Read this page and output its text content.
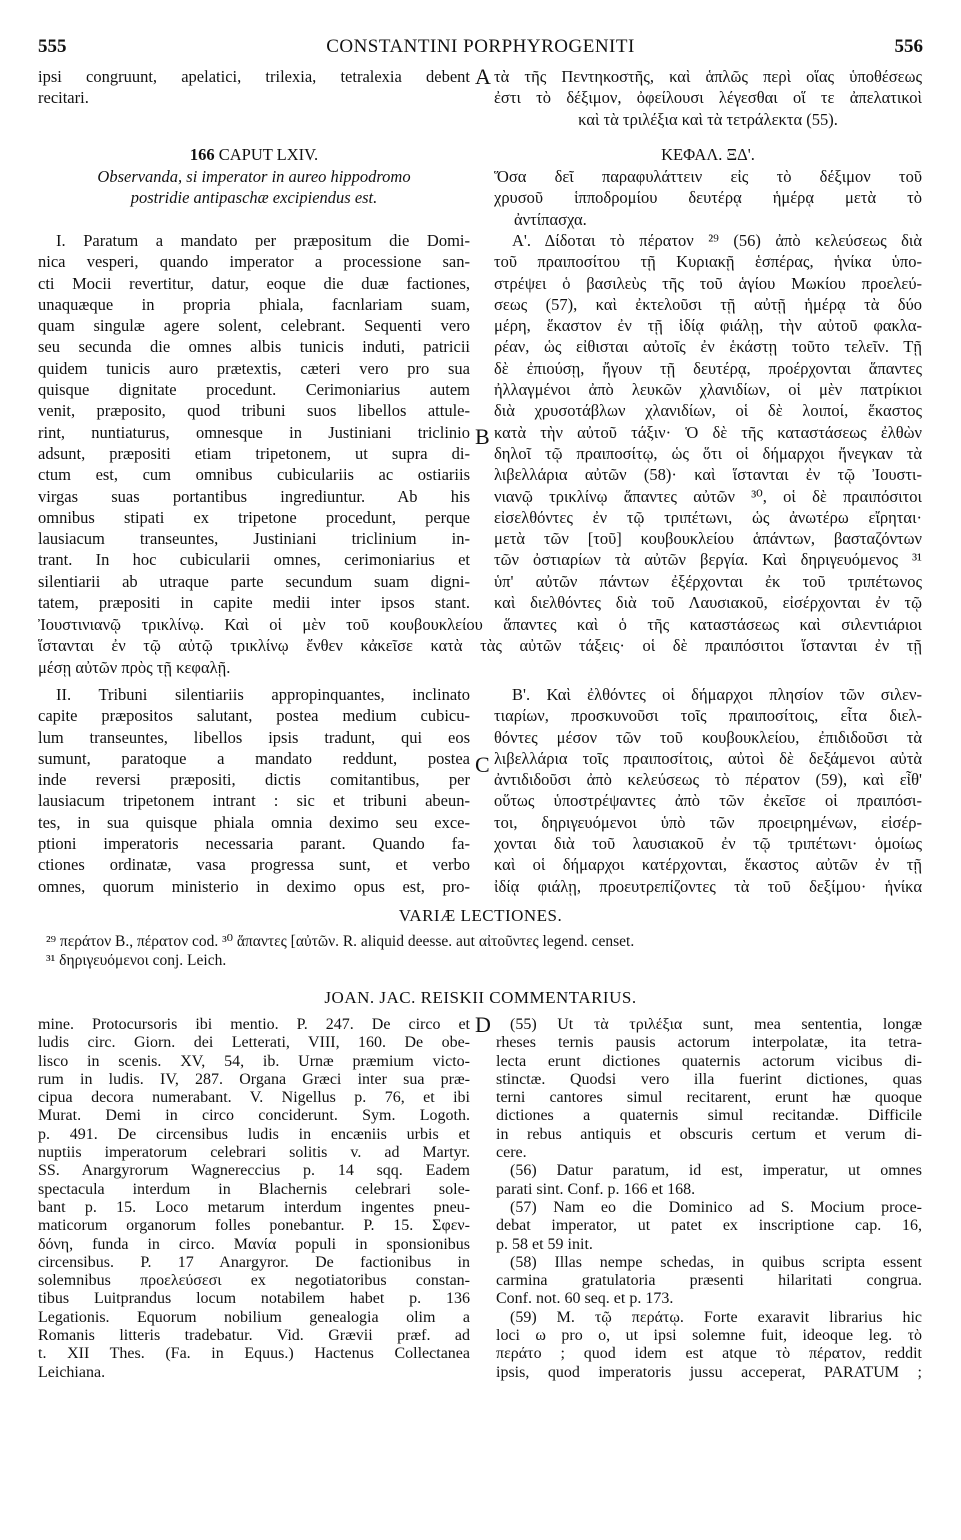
555	CONSTANTINI PORPHYROGENITI	556
ipsi congruunt, apelatici, trilexia, tetralexia debent
recitari.
A τὰ τῆς Πεντηκοστῆς, καὶ ἁπλῶς περὶ οἵας ὑποθέσεως
ἐστι τὸ δέξιμον, ὀφείλουσι λέγεσθαι οἵ τε ἀπελατικοὶ
καὶ τὰ τριλέξια καὶ τὰ τετράλεκτα (55).
166 CAPUT LXIV.
Observanda, si imperator in aureo hippodromo
postridie antipaschæ excipiendus est.
ΚΕΦΑΛ. ΞΔ'.
Ὅσα δεῖ παραφυλάττειν εἰς τὸ δέξιμον τοῦ
χρυσοῦ ἱπποδρομίου δευτέρᾳ ἡμέρᾳ μετὰ τὸ
ἀντίπασχα.
I. Paratum a mandato per præpositum die Domi-
nica vesperi, quando imperator a processione san-
cti Mocii revertitur, datur, eoque die duæ factiones,
unaquæque in propria phiala, facnlariam suam,
quam singulæ agere solent, celebrant. Sequenti vero
seu secunda die omnes albis tunicis induti, patricii
quidem tunicis auro prætextis, cæteri vero pro sua
quisque dignitate procedunt. Cerimoniarius autem
venit, præposito, quod tribuni suos libellos attule-
rint, nuntiaturus, omnesque in Justiniani triclinio
adsunt, præpositi etiam tripetonem, ut supra di-
ctum est, cum omnibus cubiculariis ac ostiariis
virgas suas portantibus ingrediuntur. Ab his
omnibus stipati ex tripetone procedunt, perque
lausiacum transeuntes, Justiniani triclinium in-
trant. In hoc cubicularii omnes, cerimoniarius et
silentiarii ab utraque parte secundum suam digni-
tatem, præpositi in capite medii inter ipsos stant.
B
Α'. Δίδοται τὸ πέρατον ²⁹ (56) ἀπὸ κελεύσεως διὰ
τοῦ πραιποσίτου τῇ Κυριακῇ ἑσπέρας, ἡνίκα ὑπο-
στρέψει ὁ βασιλεὺς τῆς τοῦ ἁγίου Μωκίου προελεύ-
σεως (57), καὶ ἐκτελοῦσι τῇ αὐτῇ ἡμέρᾳ τὰ δύο
μέρη, ἕκαστον ἐν τῇ ἰδίᾳ φιάλῃ, τὴν αὐτοῦ φακλα-
ρέαν, ὡς εἰθισται αὐτοῖς ἐν ἑκάστῃ τοῦτο τελεῖν. Τῇ
δὲ ἐπιούσῃ, ἤγουν τῇ δευτέρᾳ, προέρχονται ἅπαντες
ἠλλαγμένοι ἀπὸ λευκῶν χλανιδίων, οἱ μὲν πατρίκιοι
διὰ χρυσοτάβλων χλανιδίων, οἱ δὲ λοιποί, ἕκαστος
κατὰ τὴν αὐτοῦ τάξιν· Ὁ δὲ τῆς καταστάσεως ἐλθὼν
δηλοῖ τῷ πραιποσίτῳ, ὡς ὅτι οἱ δήμαρχοι ἤνεγκαν τὰ
λιβελλάρια αὐτῶν (58)· καὶ ἵστανται ἐν τῷ Ἰουστι-
νιανῷ τρικλίνῳ ἅπαντες αὐτῶν ³⁰, οἱ δὲ πραιπόσιτοι
εἰσελθόντες ἐν τῷ τριπέτωνι, ὡς ἀνωτέρω εἴρηται·
μετὰ τῶν [τοῦ] κουβουκλείου ἁπάντων, βασταζόντων
τῶν ὀστιαρίων τὰ αὐτῶν βεργία. Καὶ δηριγευόμενος ³¹
ὑπ' αὐτῶν πάντων ἐξέρχονται ἐκ τοῦ τριπέτωνος
καὶ διελθόντες διὰ τοῦ Λαυσιακοῦ, εἰσέρχονται ἐν τῷ
Ἰουστινιανῷ τρικλίνῳ. Καὶ οἱ μὲν τοῦ κουβουκλείου ἅπαντες καὶ ὁ τῆς καταστάσεως καὶ σιλεντιάριοι
ἵστανται ἐν τῷ αὐτῷ τρικλίνῳ ἔνθεν κἀκεῖσε κατὰ τὰς αὐτῶν τάξεις· οἱ δὲ πραιπόσιτοι ἵστανται ἐν τῇ
μέσῃ αὐτῶν πρὸς τῇ κεφαλῇ.
II. Tribuni silentiariis appropinquantes, inclinato
capite præpositos salutant, postea medium cubicu-
lum transeuntes, libellos ipsis tradunt, qui eos
sumunt, paratoque a mandato reddunt, postea
inde reversi præpositi, dictis comitantibus, per
lausiacum tripetonem intrant : sic et tribuni abeun-
tes, in sua quisque phiala omnia deximo seu exce-
ptioni imperatoris necessaria parant. Quando fa-
ctiones ordinatæ, vasa progressa sunt, et verbo
omnes, quorum ministerio in deximo opus est, pro-
C
Β'. Καὶ ἐλθόντες οἱ δήμαρχοι πλησίον τῶν σιλεν-
τιαρίων, προσκυνοῦσι τοῖς πραιποσίτοις, εἶτα διελ-
θόντες μέσον τῶν τοῦ κουβουκλείου, ἐπιδιδοῦσι τὰ
λιβελλάρια τοῖς πραιποσίτοις, αὐτοὶ δὲ δεξάμενοι αὐτὰ
ἀντιδιδοῦσι ἀπὸ κελεύσεως τὸ πέρατον (59), καὶ εἶθ'
οὕτως ὑποστρέψαντες ἀπὸ τῶν ἐκεῖσε οἱ πραιπόσι-
τοι, δηριγευόμενοι ὑπὸ τῶν προειρημένων, εἰσέρ-
χονται διὰ τοῦ λαυσιακοῦ ἐν τῷ τριπέτωνι· ὁμοίως
καὶ οἱ δήμαρχοι κατέρχονται, ἕκαστος αὐτῶν ἐν τῇ
ἰδίᾳ φιάλῃ, προευτρεπίζοντες τὰ τοῦ δεξίμου· ἡνίκα
VARIÆ LECTIONES.
²⁹ περάτον B., πέρατον cod. ³⁰ ἅπαντες [αὐτῶν. R. aliquid deesse. aut αἰτοῦντες legend. censet.
³¹ δηριγευόμενοι conj. Leich.
JOAN. JAC. REISKII COMMENTARIUS.
mine. Protocursoris ibi mentio. P. 247. De circo et
ludis circ. Giorn. dei Letterati, VIII, 160. De obe-
lisco in scenis. XV, 54, ib. Urnæ præmium victo-
rum in ludis. IV, 287. Organa Græci inter sua præ-
cipua decora numerabant. V. Nigellus p. 76, et ibi
Murat. Demi in circo conciderunt. Sym. Logoth.
p. 491. De circensibus ludis in encæniis urbis et
nuptiis imperatorum celebrari solitis v. ad Martyr.
SS. Anargyrorum Wagnereccius p. 14 sqq. Eadem
spectacula interdum in Blachernis celebrari sole-
bant p. 15. Loco metarum interdum ingentes pneu-
maticorum organorum folles ponebantur. P. 15. Σφεν-
δόνη, funda in circo. Μανία populi in sponsionibus
circensibus. P. 17 Anargyror. De factionibus in
solemnibus προελεύσεσι ex negotiatoribus constan-
tibus Luitprandus locum notabilem habet p. 136
Legationis. Equorum nobilium genealogia olim a
Romanis litteris tradebatur. Vid. Grævii præf. ad
t. XII Thes. (Fa. in Equus.) Hactenus Collectanea
Leichiana.
D	(55) Ut τὰ τριλέξια sunt, mea sententia, longæ
rheses ternis pausis actorum interpolatæ, ita tetra-
lecta erunt dictiones quaternis actorum vicibus di-
stinctæ. Quodsi vero illa fuerint dictiones, quas
terni cantores simul recitarent, erunt hæ quoque
dictiones a quaternis simul recitandæ. Difficile
in rebus antiquis et obscuris certum et verum di-
cere.
(56) Datur paratum, id est, imperatur, ut omnes
parati sint. Conf. p. 166 et 168.
(57) Nam eo die Dominico ad S. Mocium proce-
debat imperator, ut patet ex inscriptione cap. 16,
p. 58 et 59 init.
(58) Illas nempe schedas, in quibus scripta essent
carmina gratulatoria præsenti hilaritati congrua.
Conf. not. 60 seq. et p. 173.
(59) M. τῷ περάτῳ. Forte exaravit librarius hic
loci ω pro o, ut ipsi solemne fuit, ideoque leg. τὸ
περάτο ; quod idem est atque τὸ πέρατον, reddit
ipsis, quod imperatoris jussu acceperat, PARATUM ;
